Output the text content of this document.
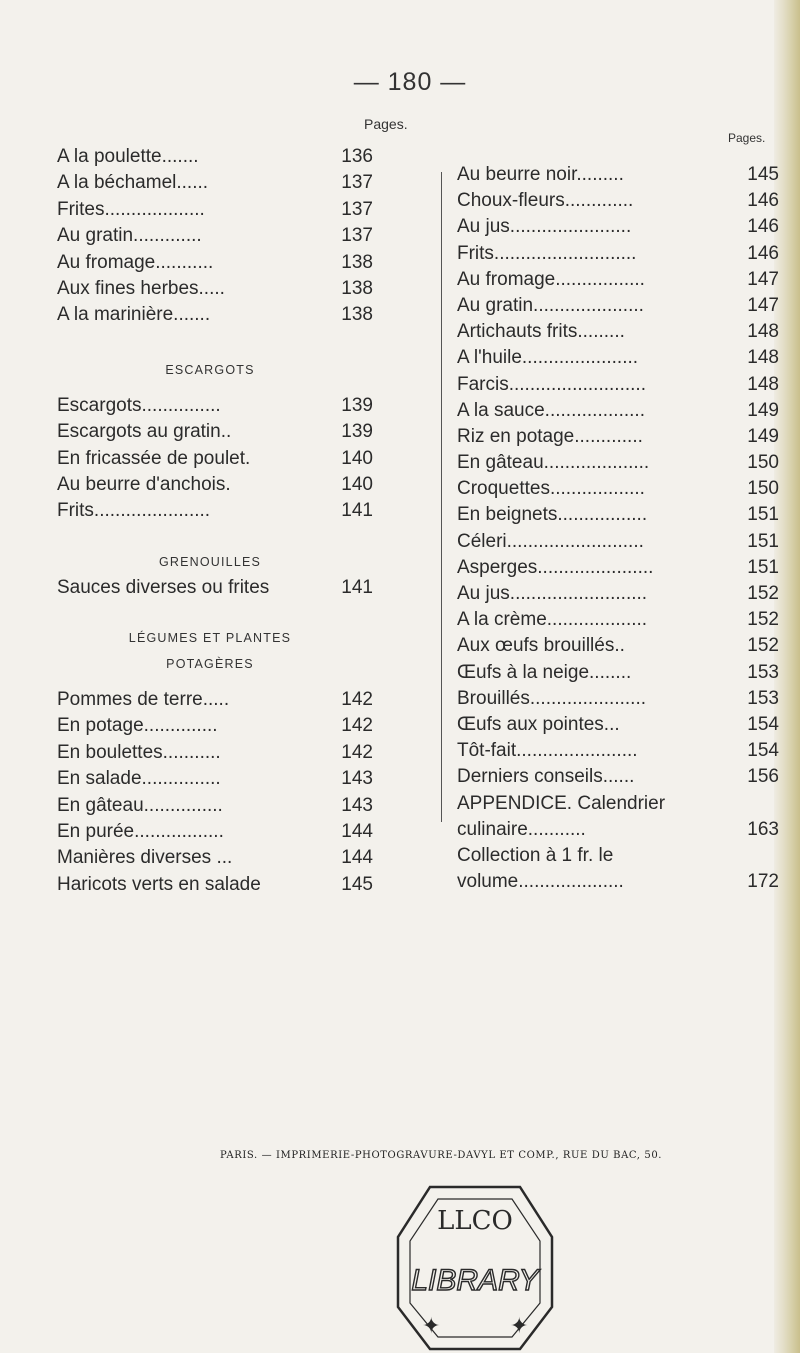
— 180 —
Pages.
Pages.
A la poulette.......	136
A la béchamel......	137
Frites...................	137
Au gratin.............	137
Au fromage...........	138
Aux fines herbes.....	138
A la marinière.......	138
ESCARGOTS
Escargots...............	139
Escargots au gratin..	139
En fricassée de poulet.	140
Au beurre d'anchois.	140
Frits......................	141
GRENOUILLES
Sauces diverses ou frites	141
LÉGUMES ET PLANTES
POTAGÈRES
Pommes de terre.....	142
En potage..............	142
En boulettes...........	142
En salade...............	143
En gâteau...............	143
En purée.................	144
Manières diverses ...	144
Haricots verts en salade	145
Au beurre noir.........	145
Choux-fleurs.............	146
Au jus.......................	146
Frits...........................	146
Au fromage.................	147
Au gratin.....................	147
Artichauts frits.........	148
A l'huile......................	148
Farcis..........................	148
A la sauce...................	149
Riz en potage.............	149
En gâteau....................	150
Croquettes..................	150
En beignets.................	151
Céleri..........................	151
Asperges......................	151
Au jus..........................	152
A la crème...................	152
Aux œufs brouillés..	152
Œufs à la neige........	153
Brouillés......................	153
Œufs aux pointes...	154
Tôt-fait.......................	154
Derniers conseils......	156
APPENDICE. Calendrier
culinaire...........	163
Collection à 1 fr. le
volume....................	172
PARIS. — IMPRIMERIE-PHOTOGRAVURE-DAVYL ET COMP., RUE DU BAC, 50.
LLCO
LIBRARY
✦	✦
